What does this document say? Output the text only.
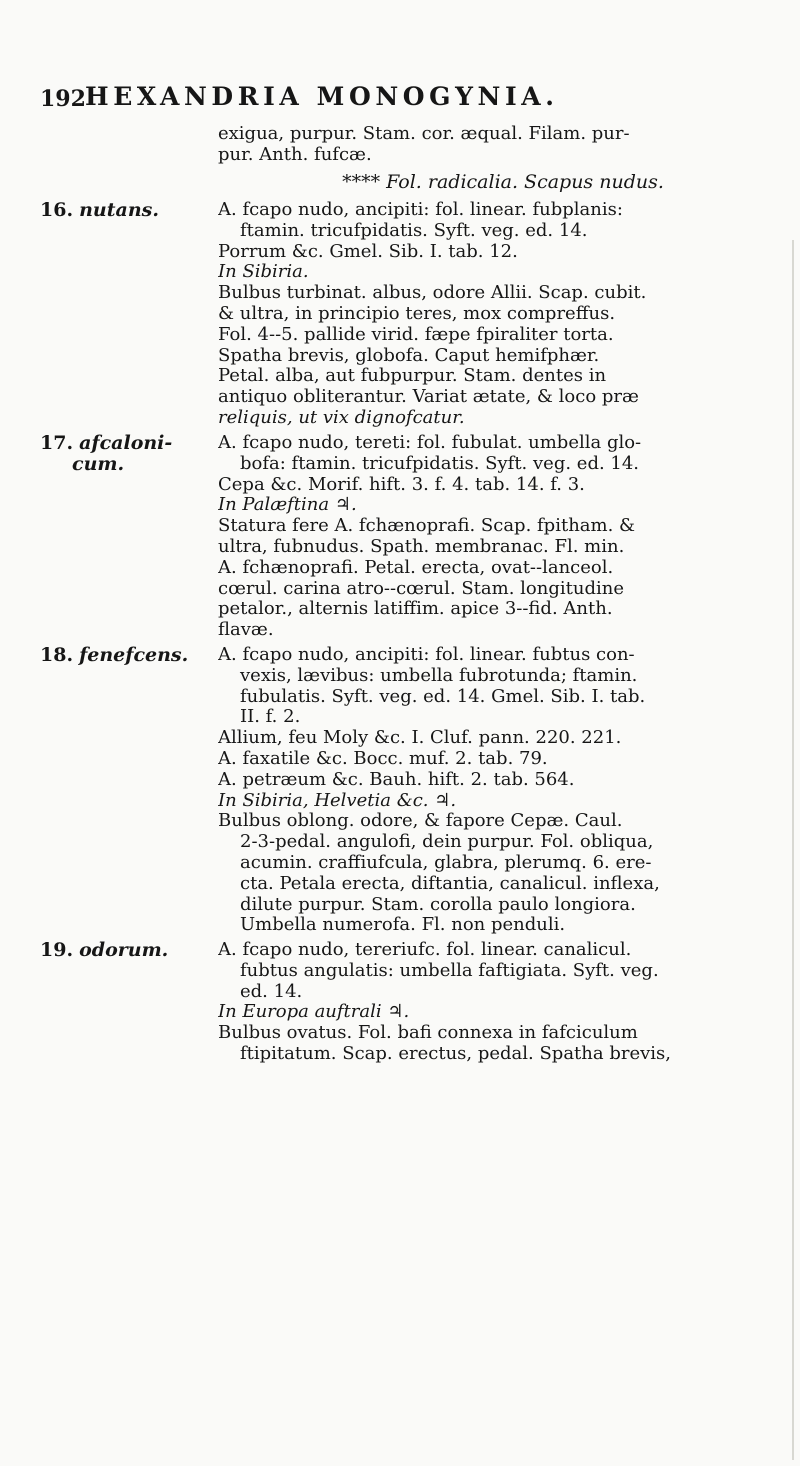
192 HEXANDRIA MONOGYNIA.
exigua, purpur. Stam. cor. æqual. Filam. pur-
pur. Anth. fufcæ.
**** Fol. radicalia. Scapus nudus.
16. nutans.	A. fcapo nudo, ancipiti: fol. linear. fubplanis:
ftamin. tricufpidatis. Syft. veg. ed. 14.
Porrum &c. Gmel. Sib. I. tab. 12.
In Sibiria.
Bulbus turbinat. albus, odore Allii. Scap. cubit.
& ultra, in principio teres, mox compreffus.
Fol. 4--5. pallide virid. fæpe fpiraliter torta.
Spatha brevis, globofa. Caput hemifphær.
Petal. alba, aut fubpurpur. Stam. dentes in
antiquo obliterantur. Variat ætate, & loco præ
reliquis, ut vix dignofcatur.
17. afcaloni-
cum.
A. fcapo nudo, tereti: fol. fubulat. umbella glo-
bofa: ftamin. tricufpidatis. Syft. veg. ed. 14.
Cepa &c. Morif. hift. 3. f. 4. tab. 14. f. 3.
In Palæftina ♃.
Statura fere A. fchænoprafi. Scap. fpitham. &
ultra, fubnudus. Spath. membranac. Fl. min.
A. fchænoprafi. Petal. erecta, ovat--lanceol.
cœrul. carina atro--cœrul. Stam. longitudine
petalor., alternis latiffim. apice 3--fid. Anth.
flavæ.
18. fenefcens. A. fcapo nudo, ancipiti: fol. linear. fubtus con-
vexis, lævibus: umbella fubrotunda; ftamin.
fubulatis. Syft. veg. ed. 14. Gmel. Sib. I. tab.
II. f. 2.
Allium, feu Moly &c. I. Cluf. pann. 220. 221.
A. faxatile &c. Bocc. muf. 2. tab. 79.
A. petræum &c. Bauh. hift. 2. tab. 564.
In Sibiria, Helvetia &c. ♃.
Bulbus oblong. odore, & fapore Cepæ. Caul.
2-3-pedal. angulofi, dein purpur. Fol. obliqua,
acumin. craffiufcula, glabra, plerumq. 6. ere-
cta. Petala erecta, diftantia, canalicul. inflexa,
dilute purpur. Stam. corolla paulo longiora.
Umbella numerofa. Fl. non penduli.
19. odorum.	A. fcapo nudo, tereriufc. fol. linear. canalicul.
fubtus angulatis: umbella faftigiata. Syft. veg.
ed. 14.
In Europa auftrali ♃.
Bulbus ovatus. Fol. bafi connexa in fafciculum
ftipitatum. Scap. erectus, pedal. Spatha brevis,
